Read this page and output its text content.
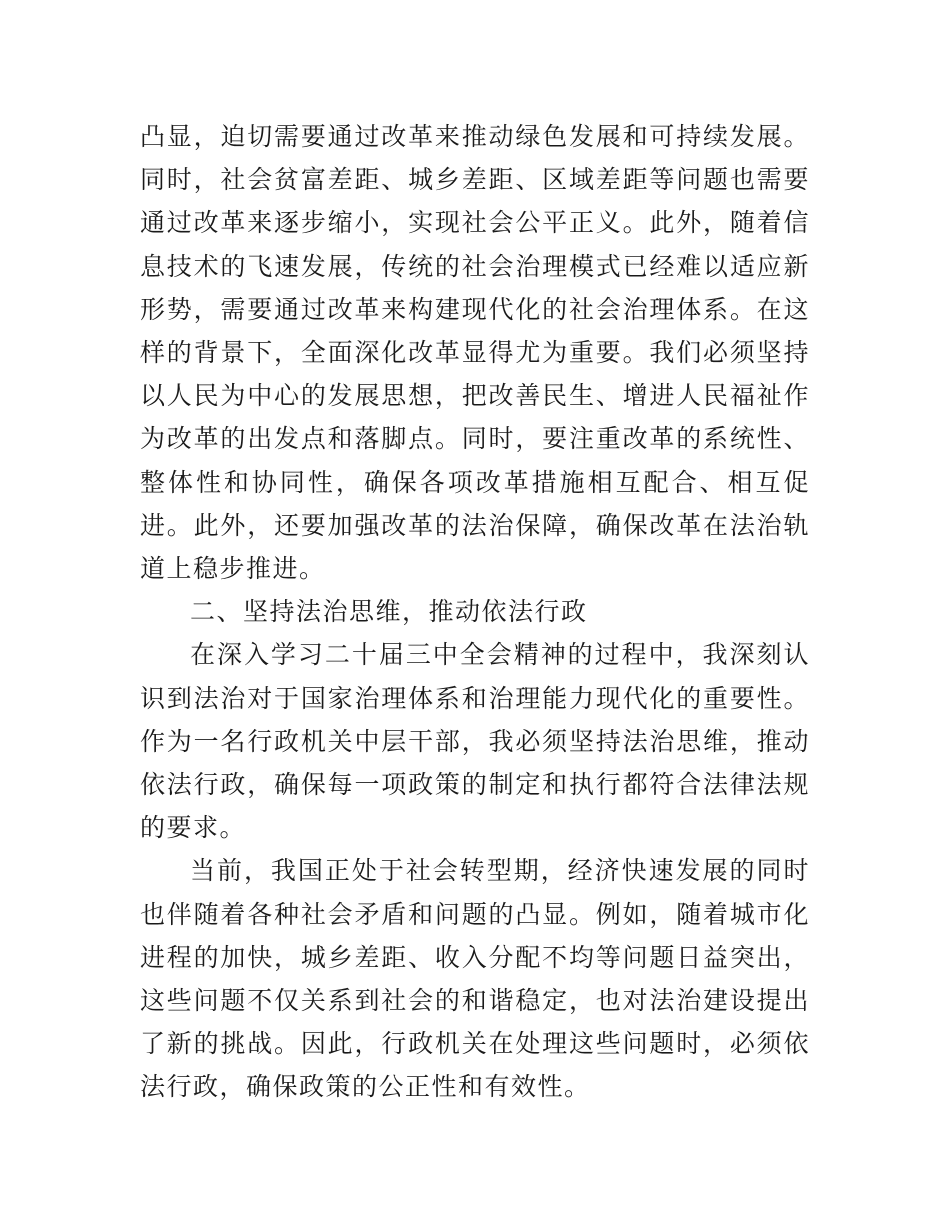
凸显，迫切需要通过改革来推动绿色发展和可持续发展。同时，社会贫富差距、城乡差距、区域差距等问题也需要通过改革来逐步缩小，实现社会公平正义。此外，随着信息技术的飞速发展，传统的社会治理模式已经难以适应新形势，需要通过改革来构建现代化的社会治理体系。在这样的背景下，全面深化改革显得尤为重要。我们必须坚持以人民为中心的发展思想，把改善民生、增进人民福祉作为改革的出发点和落脚点。同时，要注重改革的系统性、整体性和协同性，确保各项改革措施相互配合、相互促进。此外，还要加强改革的法治保障，确保改革在法治轨道上稳步推进。

二、坚持法治思维，推动依法行政

在深入学习二十届三中全会精神的过程中，我深刻认识到法治对于国家治理体系和治理能力现代化的重要性。作为一名行政机关中层干部，我必须坚持法治思维，推动依法行政，确保每一项政策的制定和执行都符合法律法规的要求。

当前，我国正处于社会转型期，经济快速发展的同时也伴随着各种社会矛盾和问题的凸显。例如，随着城市化进程的加快，城乡差距、收入分配不均等问题日益突出，这些问题不仅关系到社会的和谐稳定，也对法治建设提出了新的挑战。因此，行政机关在处理这些问题时，必须依法行政，确保政策的公正性和有效性。
